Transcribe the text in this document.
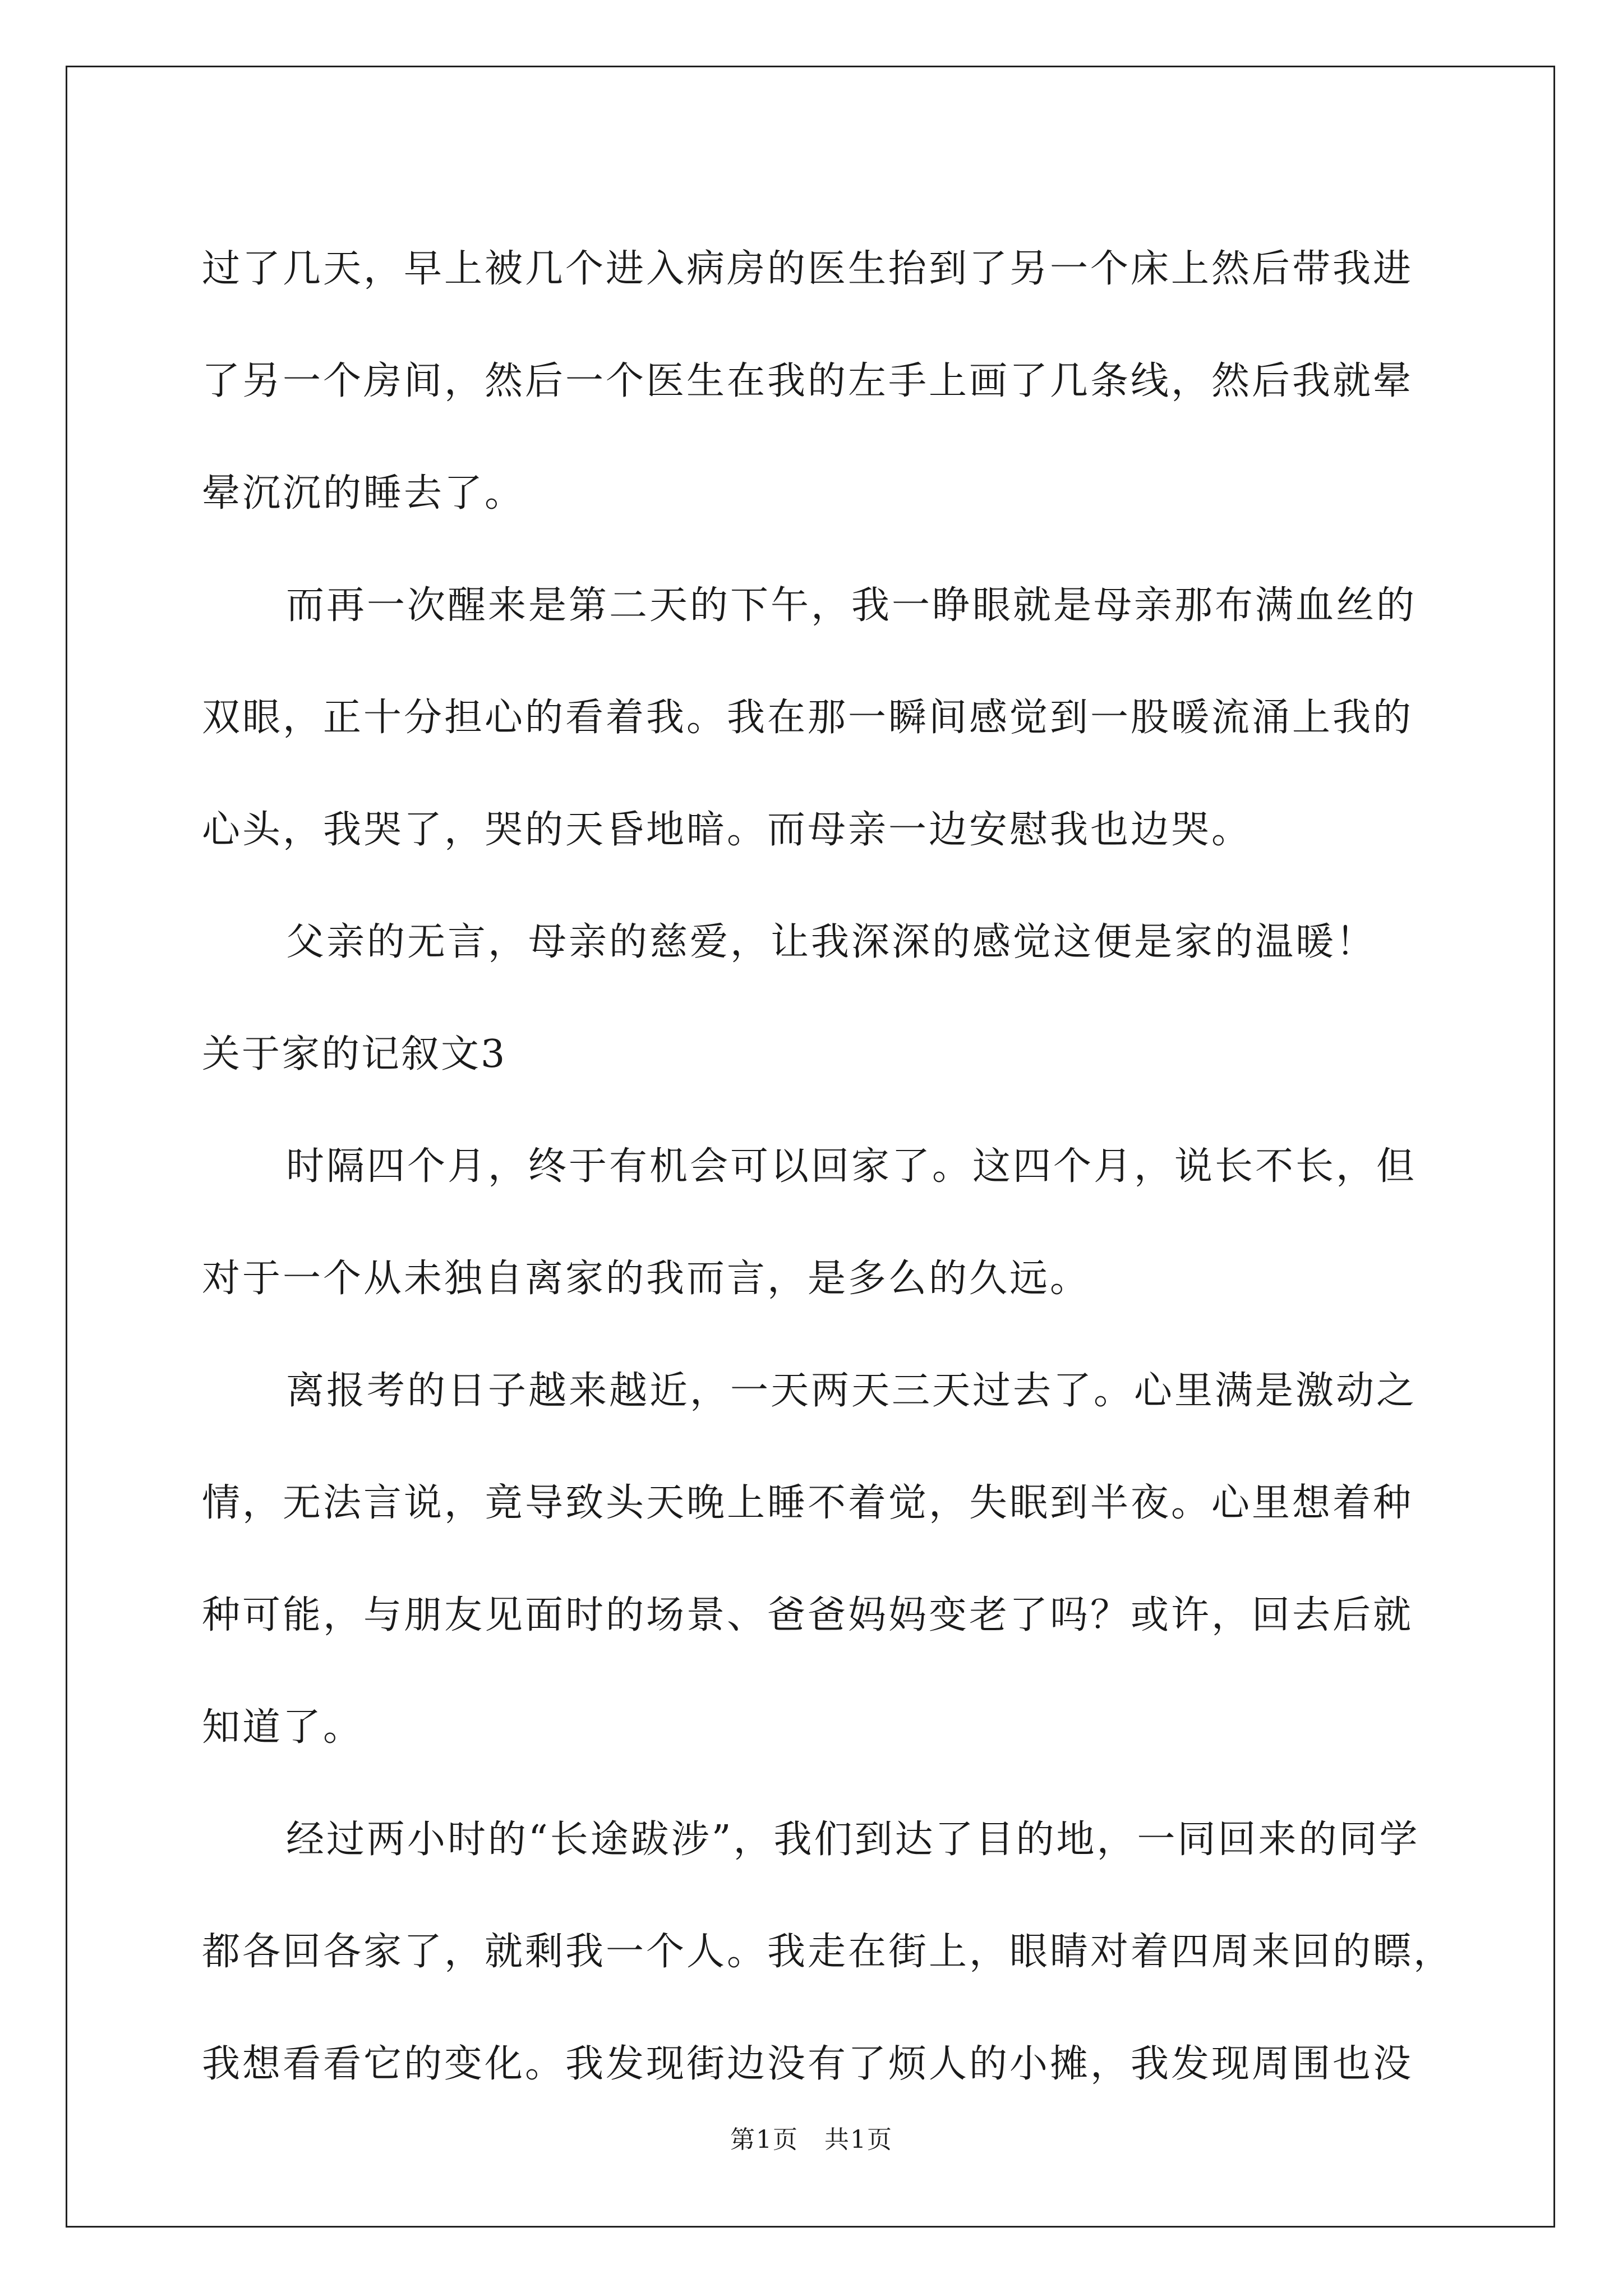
过了几天，早上被几个进入病房的医生抬到了另一个床上然后带我进
了另一个房间，然后一个医生在我的左手上画了几条线，然后我就晕
晕沉沉的睡去了。
而再一次醒来是第二天的下午，我一睁眼就是母亲那布满血丝的
双眼，正十分担心的看着我。我在那一瞬间感觉到一股暖流涌上我的
心头，我哭了，哭的天昏地暗。而母亲一边安慰我也边哭。
父亲的无言，母亲的慈爱，让我深深的感觉这便是家的温暖！
关于家的记叙文3
时隔四个月，终于有机会可以回家了。这四个月，说长不长，但
对于一个从未独自离家的我而言，是多么的久远。
离报考的日子越来越近，一天两天三天过去了。心里满是激动之
情，无法言说，竟导致头天晚上睡不着觉，失眠到半夜。心里想着种
种可能，与朋友见面时的场景、爸爸妈妈变老了吗？或许，回去后就
知道了。
经过两小时的“长途跋涉”，我们到达了目的地，一同回来的同学
都各回各家了，就剩我一个人。我走在街上，眼睛对着四周来回的瞟，
我想看看它的变化。我发现街边没有了烦人的小摊，我发现周围也没
第1页　共1页
